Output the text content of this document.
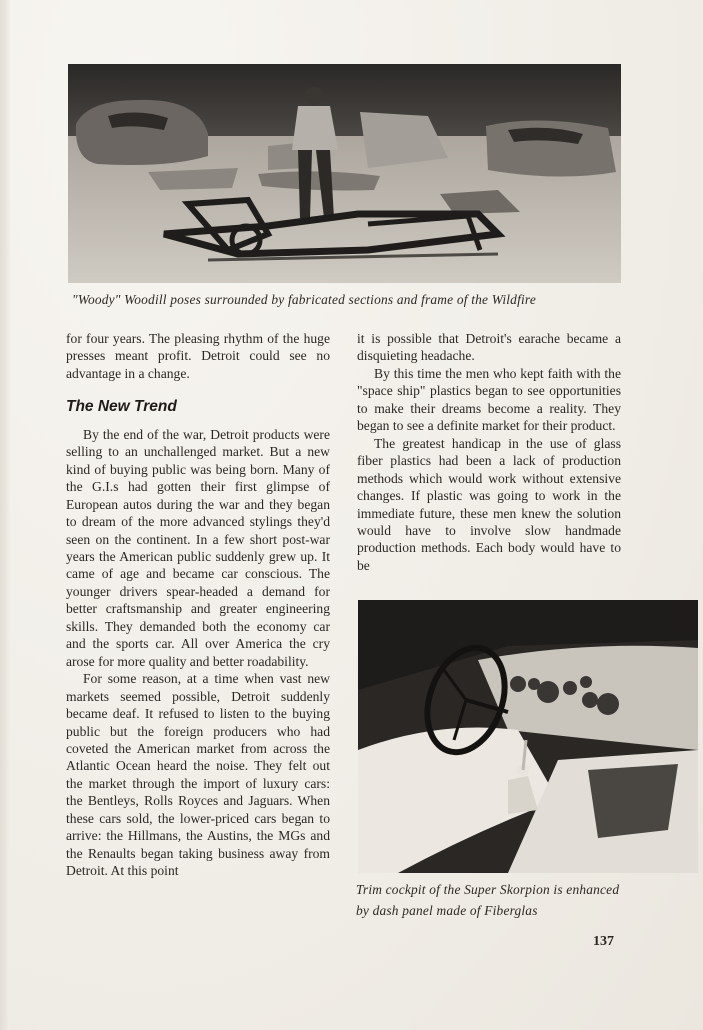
"Woody" Woodill poses surrounded by fabricated sections and frame of the Wildfire

for four years. The pleasing rhythm of the huge presses meant profit. Detroit could see no advantage in a change.

The New Trend

By the end of the war, Detroit products were selling to an unchallenged market. But a new kind of buying public was being born. Many of the G.I.s had gotten their first glimpse of European autos during the war and they began to dream of the more advanced stylings they'd seen on the continent. In a few short post-war years the American public suddenly grew up. It came of age and became car conscious. The younger drivers spear-headed a demand for better craftsmanship and greater engineering skills. They demanded both the economy car and the sports car. All over America the cry arose for more quality and better roadability.

For some reason, at a time when vast new markets seemed possible, Detroit suddenly became deaf. It refused to listen to the buying public but the foreign producers who had coveted the American market from across the Atlantic Ocean heard the noise. They felt out the market through the import of luxury cars: the Bentleys, Rolls Royces and Jaguars. When these cars sold, the lower-priced cars began to arrive: the Hillmans, the Austins, the MGs and the Renaults began taking business away from Detroit. At this point

it is possible that Detroit's earache became a disquieting headache.

By this time the men who kept faith with the "space ship" plastics began to see opportunities to make their dreams become a reality. They began to see a definite market for their product.

The greatest handicap in the use of glass fiber plastics had been a lack of production methods which would work without extensive changes. If plastic was going to work in the immediate future, these men knew the solution would have to involve slow handmade production methods. Each body would have to be

Trim cockpit of the Super Skorpion is enhanced by dash panel made of Fiberglas
137
